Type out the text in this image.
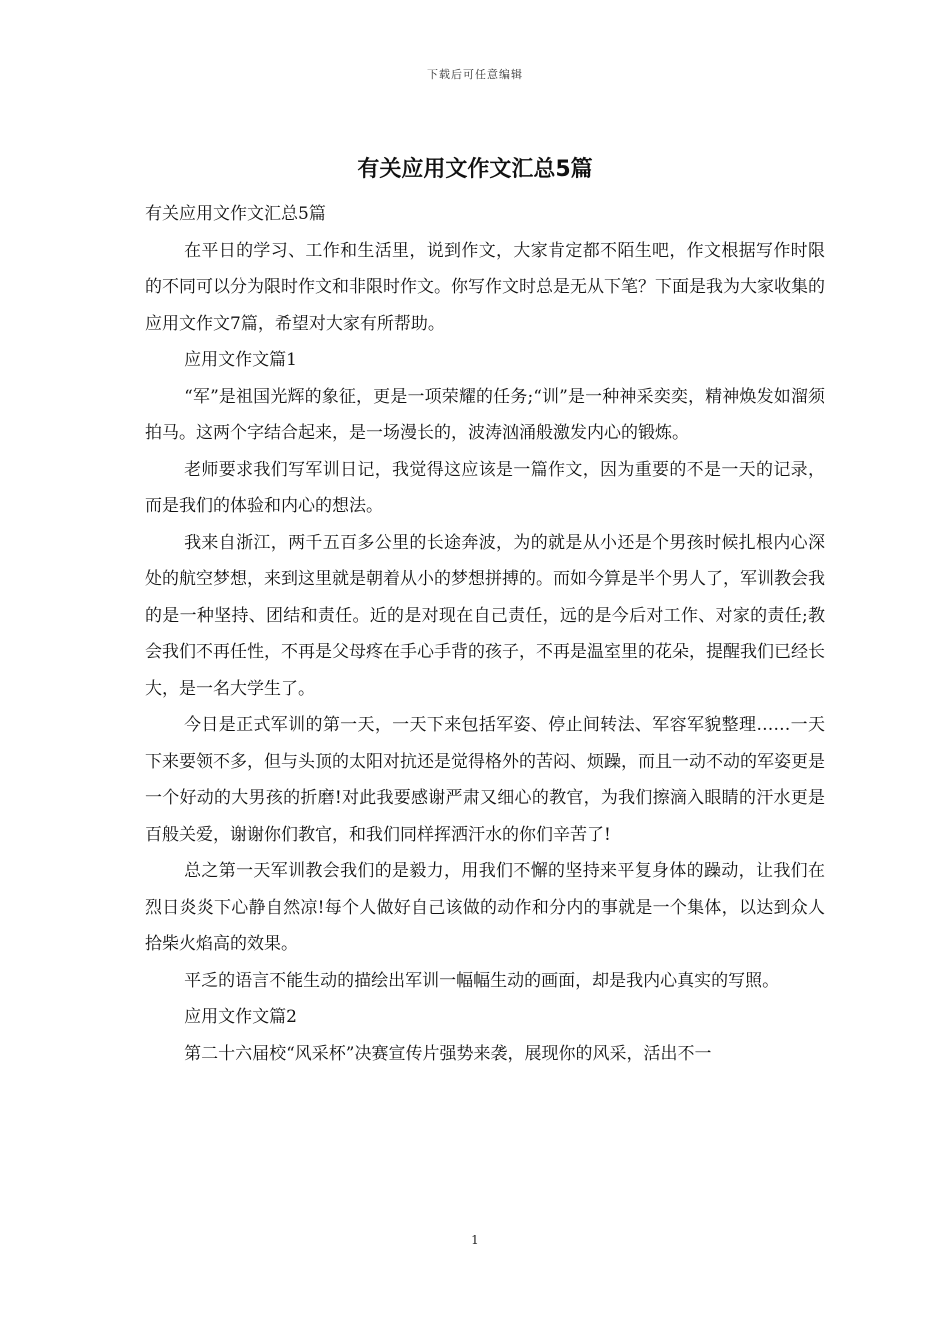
下载后可任意编辑
有关应用文作文汇总5篇

有关应用文作文汇总5篇

在平日的学习、工作和生活里，说到作文，大家肯定都不陌生吧，作文根据写作时限的不同可以分为限时作文和非限时作文。你写作文时总是无从下笔？下面是我为大家收集的应用文作文7篇，希望对大家有所帮助。

应用文作文篇1

“军”是祖国光辉的象征，更是一项荣耀的任务;“训”是一种神采奕奕，精神焕发如溜须拍马。这两个字结合起来，是一场漫长的，波涛汹涌般激发内心的锻炼。

老师要求我们写军训日记，我觉得这应该是一篇作文，因为重要的不是一天的记录，而是我们的体验和内心的想法。

我来自浙江，两千五百多公里的长途奔波，为的就是从小还是个男孩时候扎根内心深处的航空梦想，来到这里就是朝着从小的梦想拼搏的。而如今算是半个男人了，军训教会我的是一种坚持、团结和责任。近的是对现在自己责任，远的是今后对工作、对家的责任;教会我们不再任性，不再是父母疼在手心手背的孩子，不再是温室里的花朵，提醒我们已经长大，是一名大学生了。

今日是正式军训的第一天，一天下来包括军姿、停止间转法、军容军貌整理……一天下来要领不多，但与头顶的太阳对抗还是觉得格外的苦闷、烦躁，而且一动不动的军姿更是一个好动的大男孩的折磨!对此我要感谢严肃又细心的教官，为我们擦滴入眼睛的汗水更是百般关爱，谢谢你们教官，和我们同样挥洒汗水的你们辛苦了!

总之第一天军训教会我们的是毅力，用我们不懈的坚持来平复身体的躁动，让我们在烈日炎炎下心静自然凉!每个人做好自己该做的动作和分内的事就是一个集体，以达到众人拾柴火焰高的效果。

平乏的语言不能生动的描绘出军训一幅幅生动的画面，却是我内心真实的写照。

应用文作文篇2

第二十六届校“风采杯”决赛宣传片强势来袭，展现你的风采，活出不一

1
